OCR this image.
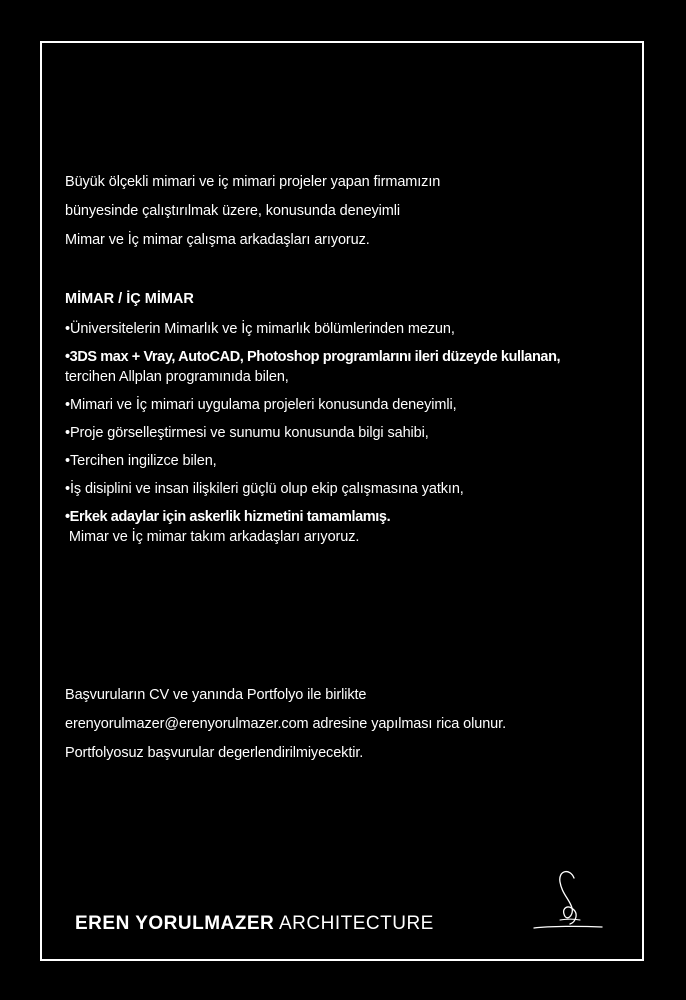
Büyük ölçekli mimari ve iç mimari projeler yapan firmamızın
bünyesinde çalıştırılmak üzere, konusunda deneyimli
Mimar ve İç mimar çalışma arkadaşları arıyoruz.
MİMAR / İÇ MİMAR
•Üniversitelerin Mimarlık ve İç mimarlık bölümlerinden mezun,
•3DS max + Vray, AutoCAD, Photoshop programlarını ileri düzeyde kullanan,
tercihen Allplan programınıda bilen,
•Mimari ve İç mimari uygulama projeleri konusunda deneyimli,
•Proje görselleştirmesi ve sunumu konusunda bilgi sahibi,
•Tercihen ingilizce bilen,
•İş disiplini ve insan ilişkileri güçlü olup ekip çalışmasına yatkın,
•Erkek adaylar için askerlik hizmetini tamamlamış.
Mimar ve İç mimar takım arkadaşları arıyoruz.
Başvuruların CV ve yanında Portfolyo ile birlikte
erenyorulmazer@erenyorulmazer.com adresine yapılması rica olunur.
Portfolyosuz başvurular degerlendirilmiyecektir.
EREN YORULMAZER ARCHITECTURE
